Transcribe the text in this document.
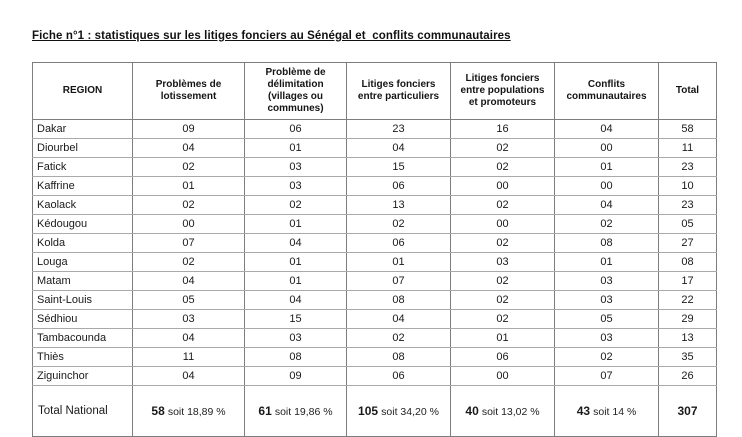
Fiche n°1 : statistiques sur les litiges fonciers au Sénégal et  conflits communautaires
REGION	Problèmes de lotissement	Problème de délimitation (villages ou communes)	Litiges fonciers entre particuliers	Litiges fonciers entre populations et promoteurs	Conflits communautaires	Total
Dakar	09	06	23	16	04	58
Diourbel	04	01	04	02	00	11
Fatick	02	03	15	02	01	23
Kaffrine	01	03	06	00	00	10
Kaolack	02	02	13	02	04	23
Kédougou	00	01	02	00	02	05
Kolda	07	04	06	02	08	27
Louga	02	01	01	03	01	08
Matam	04	01	07	02	03	17
Saint-Louis	05	04	08	02	03	22
Sédhiou	03	15	04	02	05	29
Tambacounda	04	03	02	01	03	13
Thiès	11	08	08	06	02	35
Ziguinchor	04	09	06	00	07	26
Total National	58 soit 18,89 %	61 soit 19,86 %	105 soit 34,20 %	40 soit 13,02 %	43 soit 14 %	307
